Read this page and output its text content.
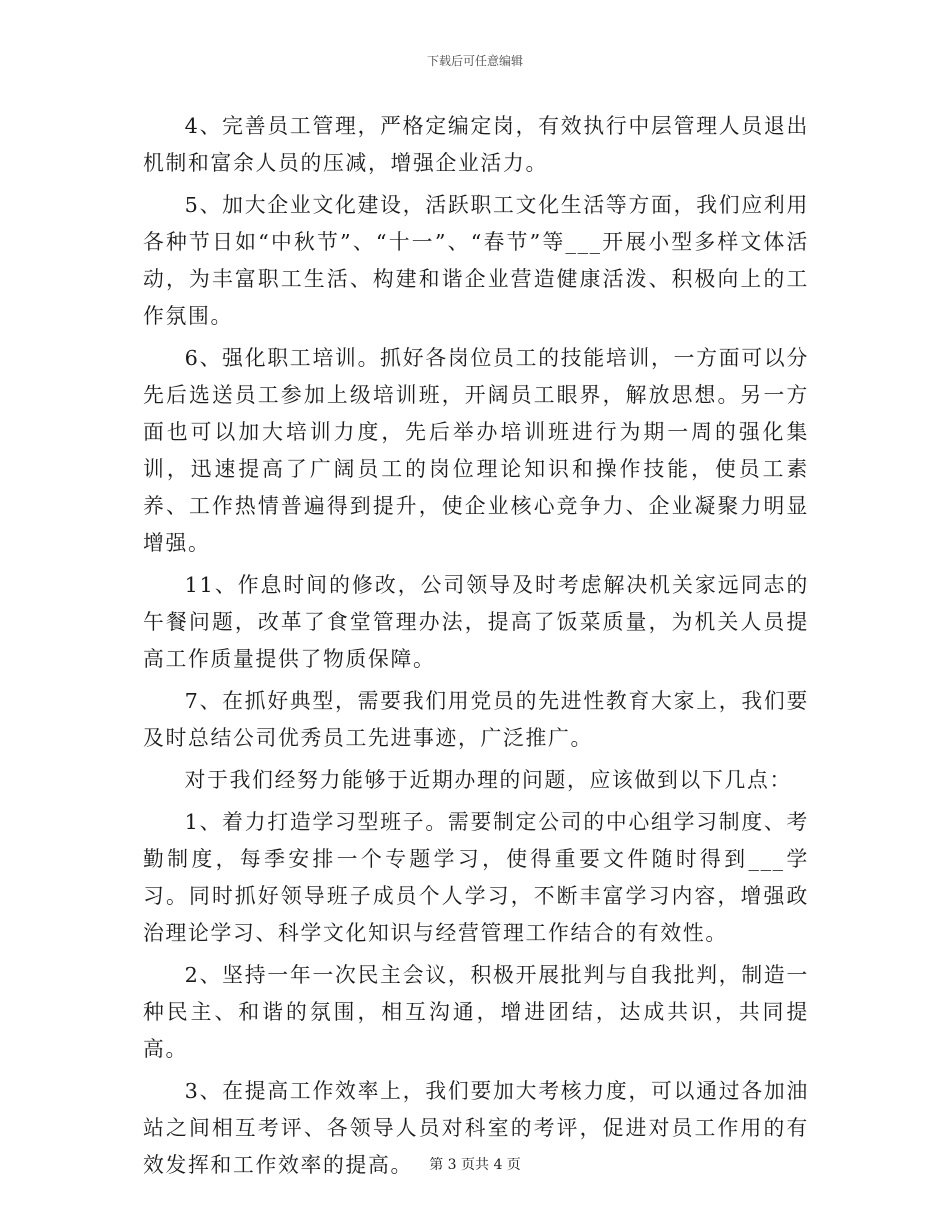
下载后可任意编辑

4、完善员工管理，严格定编定岗，有效执行中层管理人员退出机制和富余人员的压减，增强企业活力。

5、加大企业文化建设，活跃职工文化生活等方面，我们应利用各种节日如“中秋节”、“十一”、“春节”等___开展小型多样文体活动，为丰富职工生活、构建和谐企业营造健康活泼、积极向上的工作氛围。

6、强化职工培训。抓好各岗位员工的技能培训，一方面可以分先后选送员工参加上级培训班，开阔员工眼界，解放思想。另一方面也可以加大培训力度，先后举办培训班进行为期一周的强化集训，迅速提高了广阔员工的岗位理论知识和操作技能，使员工素养、工作热情普遍得到提升，使企业核心竞争力、企业凝聚力明显增强。

11、作息时间的修改，公司领导及时考虑解决机关家远同志的午餐问题，改革了食堂管理办法，提高了饭菜质量，为机关人员提高工作质量提供了物质保障。

7、在抓好典型，需要我们用党员的先进性教育大家上，我们要及时总结公司优秀员工先进事迹，广泛推广。

对于我们经努力能够于近期办理的问题，应该做到以下几点：

1、着力打造学习型班子。需要制定公司的中心组学习制度、考勤制度，每季安排一个专题学习，使得重要文件随时得到___学习。同时抓好领导班子成员个人学习，不断丰富学习内容，增强政治理论学习、科学文化知识与经营管理工作结合的有效性。

2、坚持一年一次民主会议，积极开展批判与自我批判，制造一种民主、和谐的氛围，相互沟通，增进团结，达成共识，共同提高。

3、在提高工作效率上，我们要加大考核力度，可以通过各加油站之间相互考评、各领导人员对科室的考评，促进对员工作用的有效发挥和工作效率的提高。	第 3 页共 4 页
